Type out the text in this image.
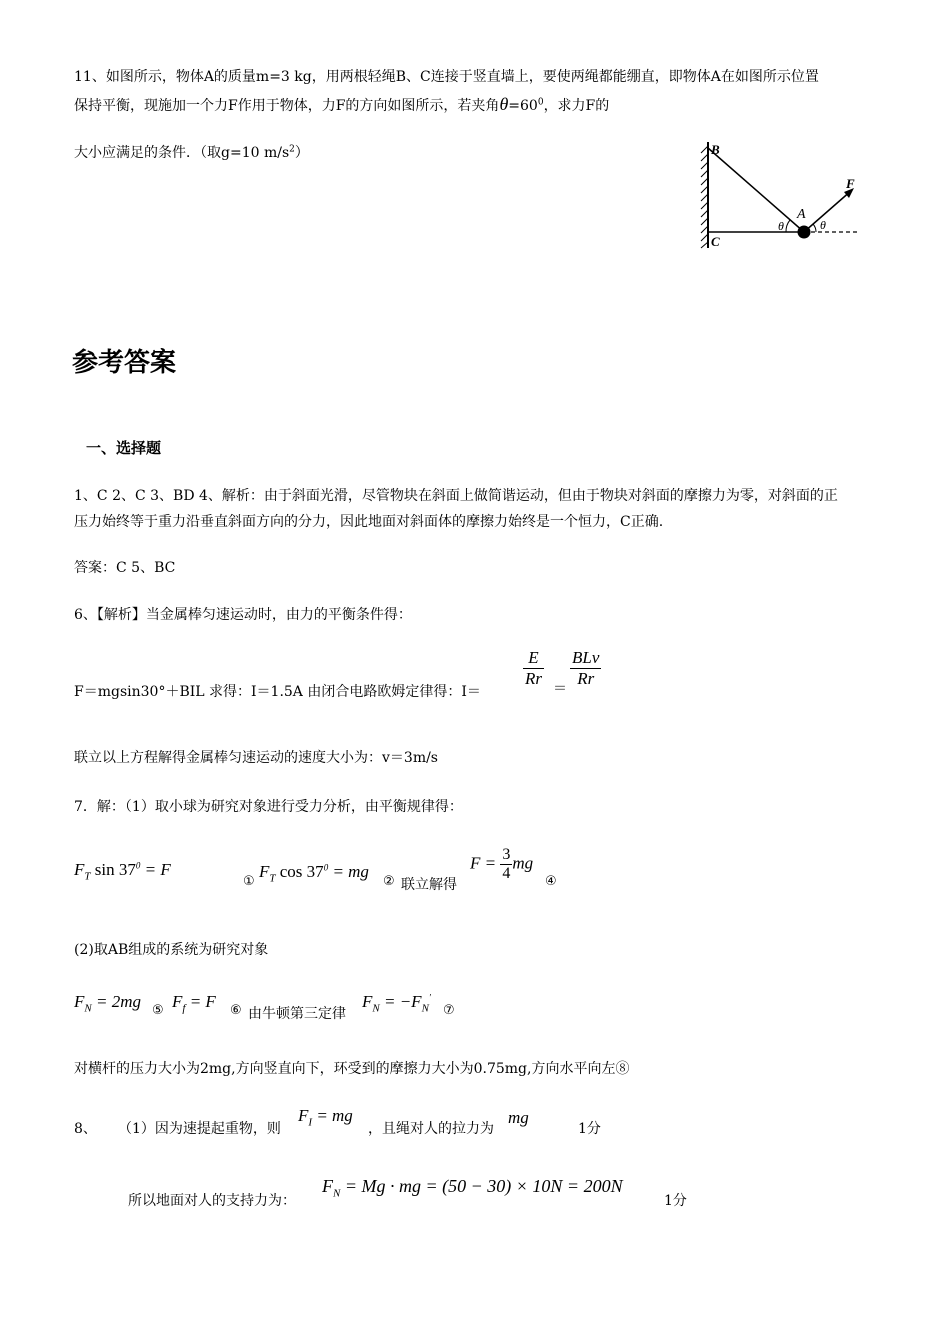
11、如图所示，物体A的质量m=3 kg，用两根轻绳B、C连接于竖直墙上，要使两绳都能绷直，即物体A在如图所示位置
保持平衡，现施加一个力F作用于物体，力F的方向如图所示，若夹角$\theta=60^0$，求力F的
大小应满足的条件．（取g=10 $m/s^2$）	B
C
A
F
θ	θ
参考答案
一、选择题
1、C 2、C 3、BD 4、解析：由于斜面光滑，尽管物块在斜面上做简谐运动，但由于物块对斜面的摩擦力为零，对斜面的正
压力始终等于重力沿垂直斜面方向的分力，因此地面对斜面体的摩擦力始终是一个恒力，C正确.
答案：C 5、BC
6、【解析】当金属棒匀速运动时，由力的平衡条件得：
F＝mgsin30°＋BIL 求得：I＝1.5A 由闭合电路欧姆定律得：I＝
$\frac{E}{Rr} = \frac{\text{BLv}}{Rr}$
联立以上方程解得金属棒匀速运动的速度大小为：v＝3m/s
7．解：（1）取小球为研究对象进行受力分析，由平衡规律得：
$F_T$ $\sin 37^0 = F$
①
$F_T$ $\cos 37^0$ = mg
② 联立解得
$F = \frac{3}{4}$ mg
④
(2)取AB组成的系统为研究对象
$F_N = 2mg$ ⑤ $F_f = F$ ⑥ 由牛顿第三定律
$F_N = -F_N'$
⑦
对横杆的压力大小为2mg,方向竖直向下，环受到的摩擦力大小为0.75mg,方向水平向左⑧
8、 （1）因为速提起重物，则
$F_I$ = mg
，且绳对人的拉力为
mg
1分
所以地面对人的支持力为：
$F_N = Mg$ · mg = (50 − 30) × 10N = 200N
1分
